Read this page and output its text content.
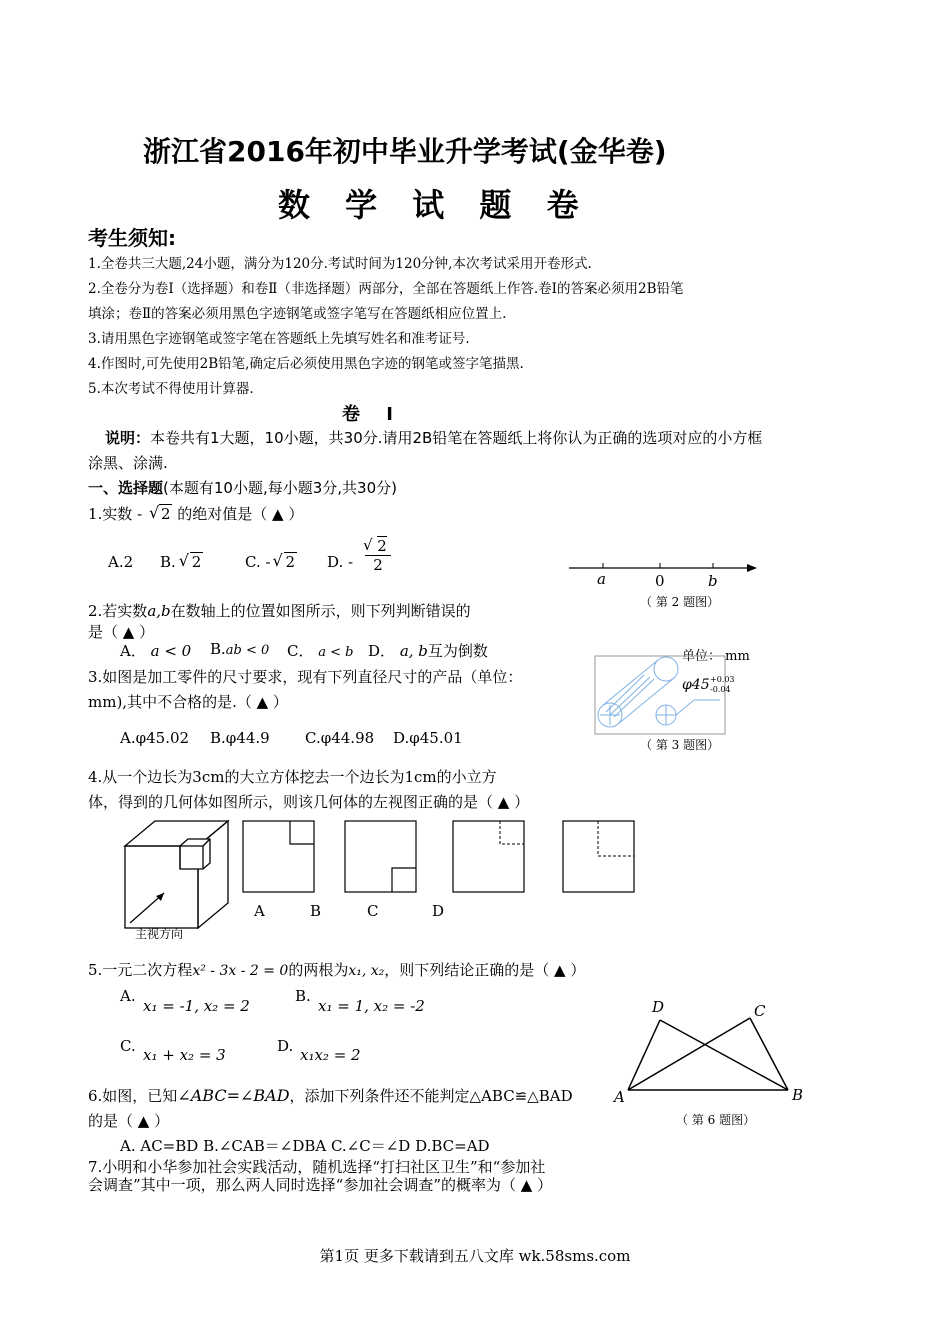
浙江省2016年初中毕业升学考试(金华卷)
数 学 试 题 卷
考生须知:
1.全卷共三大题,24小题，满分为120分.考试时间为120分钟,本次考试采用开卷形式.
2.全卷分为卷Ⅰ（选择题）和卷Ⅱ（非选择题）两部分，全部在答题纸上作答.卷Ⅰ的答案必须用2B铅笔
填涂；卷Ⅱ的答案必须用黑色字迹钢笔或签字笔写在答题纸相应位置上.
3.请用黑色字迹钢笔或签字笔在答题纸上先填写姓名和准考证号.
4.作图时,可先使用2B铅笔,确定后必须使用黑色字迹的钢笔或签字笔描黑.
5.本次考试不得使用计算器.
卷 Ⅰ
说明：本卷共有1大题，10小题，共30分.请用2B铅笔在答题纸上将你认为正确的选项对应的小方框
涂黑、涂满.
一、选择题(本题有10小题,每小题3分,共30分)
1.实数 - √ 2 的绝对值是（ ▲ ）
A.2 B. √ 2	C. - √ 2 D. -
√ 2
2
a	0	b
（ 第 2 题图）
2.若实数a,b在数轴上的位置如图所示，则下列判断错误的
是（ ▲ ）
A． a < 0 B.ab < 0 C． a < b D． a, b互为倒数
3.如图是加工零件的尺寸要求，现有下列直径尺寸的产品（单位：
mm),其中不合格的是.（ ▲ ）
A.φ45.02 B.φ44.9 C.φ44.98 D.φ45.01
单位： mm
φ45 +0.03
-0.04
（ 第 3 题图）
4.从一个边长为3cm的大立方体挖去一个边长为1cm的小立方
体，得到的几何体如图所示，则该几何体的左视图正确的是（ ▲ ）
主视方向
A	B	C	D
5.一元二次方程x² - 3x - 2 = 0的两根为x₁, x₂，则下列结论正确的是（ ▲ ）
A.
x₁ = -1, x₂ = 2
B.
x₁ = 1, x₂ = -2
C. x₁ + x₂ = 3	D. x₁x₂ = 2
D	C
A	B
（ 第 6 题图）
6.如图，已知∠ABC=∠BAD，添加下列条件还不能判定△ABC≌△BAD
的是（ ▲ ）
A. AC=BD B.∠CAB＝∠DBA C.∠C＝∠D D.BC=AD
7.小明和小华参加社会实践活动，随机选择“打扫社区卫生”和“参加社
会调查”其中一项，那么两人同时选择“参加社会调查”的概率为（ ▲ ）
第1页 更多下载请到五八文库 wk.58sms.com
